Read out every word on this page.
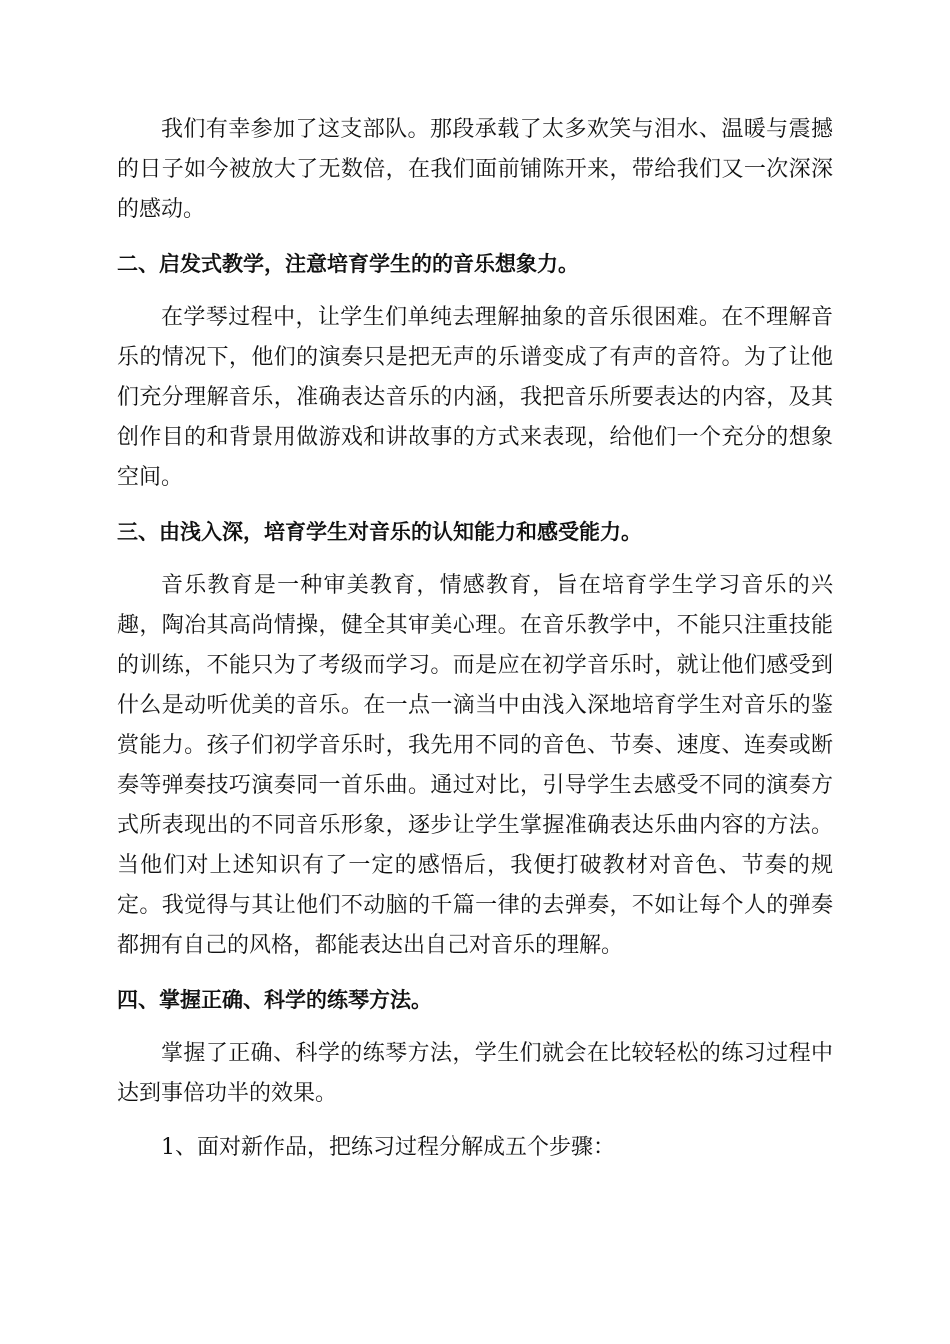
我们有幸参加了这支部队。那段承载了太多欢笑与泪水、温暖与震撼的日子如今被放大了无数倍，在我们面前铺陈开来，带给我们又一次深深的感动。

二、启发式教学，注意培育学生的的音乐想象力。

在学琴过程中，让学生们单纯去理解抽象的音乐很困难。在不理解音乐的情况下，他们的演奏只是把无声的乐谱变成了有声的音符。为了让他们充分理解音乐，准确表达音乐的内涵，我把音乐所要表达的内容，及其创作目的和背景用做游戏和讲故事的方式来表现，给他们一个充分的想象空间。

三、由浅入深，培育学生对音乐的认知能力和感受能力。

音乐教育是一种审美教育，情感教育，旨在培育学生学习音乐的兴趣，陶冶其高尚情操，健全其审美心理。在音乐教学中，不能只注重技能的训练，不能只为了考级而学习。而是应在初学音乐时，就让他们感受到什么是动听优美的音乐。在一点一滴当中由浅入深地培育学生对音乐的鉴赏能力。孩子们初学音乐时，我先用不同的音色、节奏、速度、连奏或断奏等弹奏技巧演奏同一首乐曲。通过对比，引导学生去感受不同的演奏方式所表现出的不同音乐形象，逐步让学生掌握准确表达乐曲内容的方法。当他们对上述知识有了一定的感悟后，我便打破教材对音色、节奏的规定。我觉得与其让他们不动脑的千篇一律的去弹奏，不如让每个人的弹奏都拥有自己的风格，都能表达出自己对音乐的理解。

四、掌握正确、科学的练琴方法。

掌握了正确、科学的练琴方法，学生们就会在比较轻松的练习过程中达到事倍功半的效果。

1、面对新作品，把练习过程分解成五个步骤：
